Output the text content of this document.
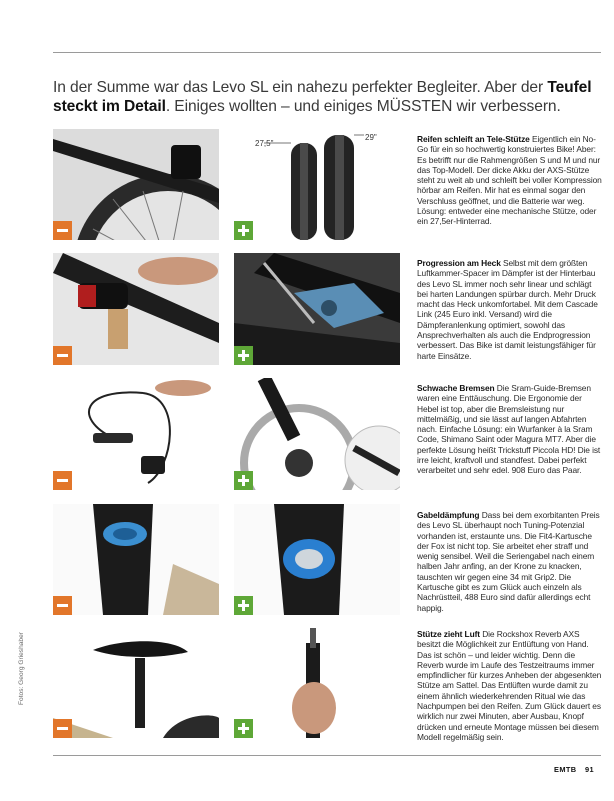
In der Summe war das Levo SL ein nahezu perfekter Begleiter. Aber der Teufel steckt im Detail. Einiges wollten – und einiges MÜSSTEN wir verbessern.

27,5"
29"	Reifen schleift an Tele-Stütze Eigentlich ein No-Go für ein so hochwertig konstruiertes Bike! Aber: Es betrifft nur die Rahmengrößen S und M und nur das Top-Modell. Der dicke Akku der AXS-Stütze steht zu weit ab und schleift bei voller Kompression hörbar am Reifen. Mir hat es einmal sogar den Verschluss geöffnet, und die Batterie war weg. Lösung: entweder eine mechanische Stütze, oder ein 27,5er-Hinterrad.
Progression am Heck Selbst mit dem größten Luftkammer-Spacer im Dämpfer ist der Hinterbau des Levo SL immer noch sehr linear und schlägt bei harten Landungen spürbar durch. Mehr Druck macht das Heck unkomfortabel. Mit dem Cascade Link (245 Euro inkl. Versand) wird die Dämpferanlenkung optimiert, sowohl das Ansprechverhalten als auch die Endprogression verbessert. Das Bike ist damit leistungsfähiger für harte Einsätze.
Schwache Bremsen Die Sram-Guide-Bremsen waren eine Enttäuschung. Die Ergonomie der Hebel ist top, aber die Bremsleistung nur mittelmäßig, und sie lässt auf langen Abfahrten nach. Einfache Lösung: ein Wurfanker à la Sram Code, Shimano Saint oder Magura MT7. Aber die perfekte Lösung heißt Trickstuff Piccola HD! Die ist irre leicht, kraftvoll und standfest. Dabei perfekt verarbeitet und sehr edel. 908 Euro das Paar.
Gabeldämpfung Dass bei dem exorbitanten Preis des Levo SL überhaupt noch Tuning-Potenzial vorhanden ist, erstaunte uns. Die Fit4-Kartusche der Fox ist nicht top. Sie arbeitet eher straff und wenig sensibel. Weil die Seriengabel nach einem halben Jahr anfing, an der Krone zu knacken, tauschten wir gegen eine 34 mit Grip2. Die Kartusche gibt es zum Glück auch einzeln als Nachrüstteil, 488 Euro sind dafür allerdings echt happig.
Stütze zieht Luft Die Rockshox Reverb AXS besitzt die Möglichkeit zur Entlüftung von Hand. Das ist schön – und leider wichtig. Denn die Reverb wurde im Laufe des Testzeitraums immer empfindlicher für kurzes Anheben der abgesenkten Stütze am Sattel. Das Entlüften wurde damit zu einem ähnlich wiederkehrenden Ritual wie das Nachpumpen bei den Reifen. Zum Glück dauert es wirklich nur zwei Minuten, aber Ausbau, Knopf drücken und erneute Montage müssen bei diesem Modell regelmäßig sein.
Fotos: Georg Grieshaber
EMTB 91
